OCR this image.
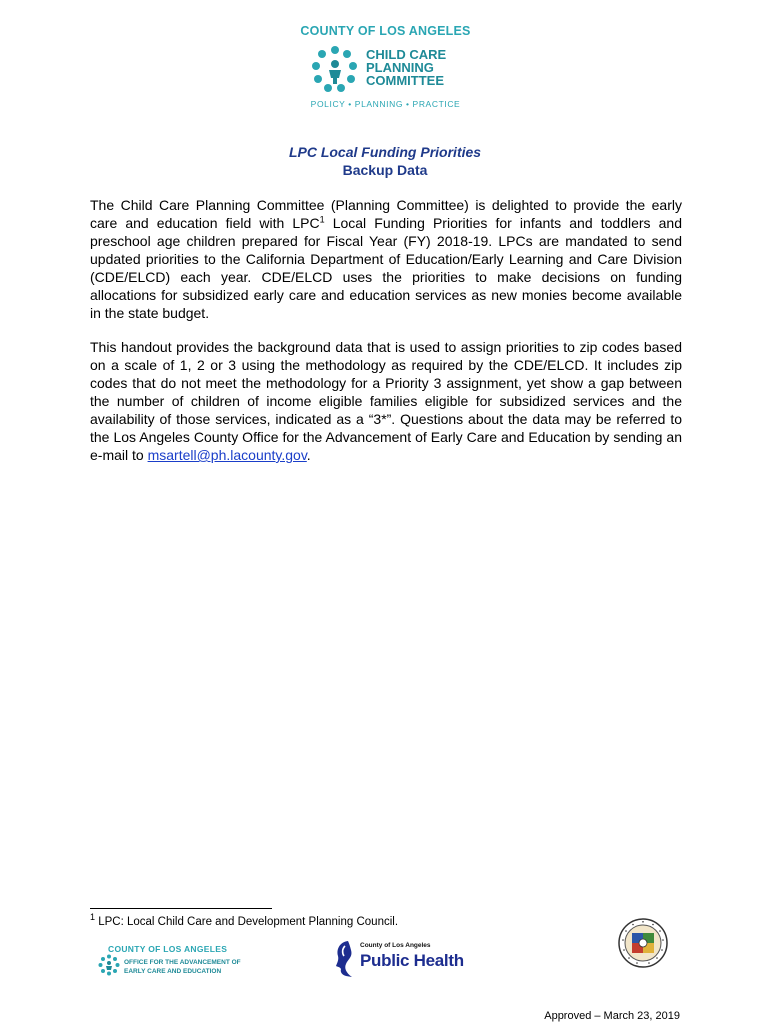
COUNTY OF LOS ANGELES
CHILD CARE
PLANNING
COMMITTEE
POLICY • PLANNING • PRACTICE
LPC Local Funding Priorities
Backup Data
The Child Care Planning Committee (Planning Committee) is delighted to provide the early care and education field with LPC$^1$ Local Funding Priorities for infants and toddlers and preschool age children prepared for Fiscal Year (FY) 2018-19. LPCs are mandated to send updated priorities to the California Department of Education/Early Learning and Care Division (CDE/ELCD) each year. CDE/ELCD uses the priorities to make decisions on funding allocations for subsidized early care and education services as new monies become available in the state budget.
This handout provides the background data that is used to assign priorities to zip codes based on a scale of 1, 2 or 3 using the methodology as required by the CDE/ELCD. It includes zip codes that do not meet the methodology for a Priority 3 assignment, yet show a gap between the number of children of income eligible families eligible for subsidized services and the availability of those services, indicated as a “3*”. Questions about the data may be referred to the Los Angeles County Office for the Advancement of Early Care and Education by sending an e-mail to msartell@ph.lacounty.gov.
$^1$ LPC: Local Child Care and Development Planning Council.
COUNTY OF LOS ANGELES
OFFICE FOR THE ADVANCEMENT OF
EARLY CARE AND EDUCATION
County of Los Angeles
Public Health
Approved – March 23, 2019
